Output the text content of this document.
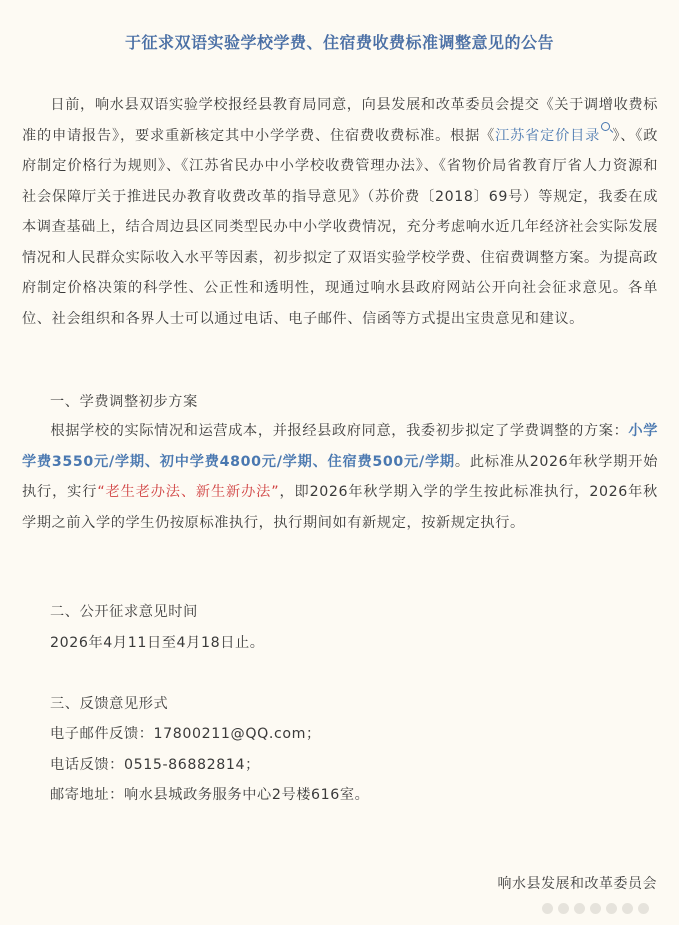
于征求双语实验学校学费、住宿费收费标准调整意见的公告
日前，响水县双语实验学校报经县教育局同意，向县发展和改革委员会提交《关于调增收费标准的申请报告》，要求重新核定其中小学学费、住宿费收费标准。根据《江苏省定价目录 》、《政府制定价格行为规则》、《江苏省民办中小学校收费管理办法》、《省物价局省教育厅省人力资源和社会保障厅关于推进民办教育收费改革的指导意见》（苏价费〔2018〕69号）等规定，我委在成本调查基础上，结合周边县区同类型民办中小学收费情况，充分考虑响水近几年经济社会实际发展情况和人民群众实际收入水平等因素，初步拟定了双语实验学校学费、住宿费调整方案。为提高政府制定价格决策的科学性、公正性和透明性，现通过响水县政府网站公开向社会征求意见。各单位、社会组织和各界人士可以通过电话、电子邮件、信函等方式提出宝贵意见和建议。
一、学费调整初步方案
根据学校的实际情况和运营成本，并报经县政府同意，我委初步拟定了学费调整的方案：小学学费3550元/学期、初中学费4800元/学期、住宿费500元/学期。此标准从2026年秋学期开始执行，实行“老生老办法、新生新办法”，即2026年秋学期入学的学生按此标准执行，2026年秋学期之前入学的学生仍按原标准执行，执行期间如有新规定，按新规定执行。
二、公开征求意见时间
2026年4月11日至4月18日止。
三、反馈意见形式
电子邮件反馈：17800211@QQ.com；
电话反馈：0515-86882814；
邮寄地址：响水县城政务服务中心2号楼616室。
响水县发展和改革委员会
